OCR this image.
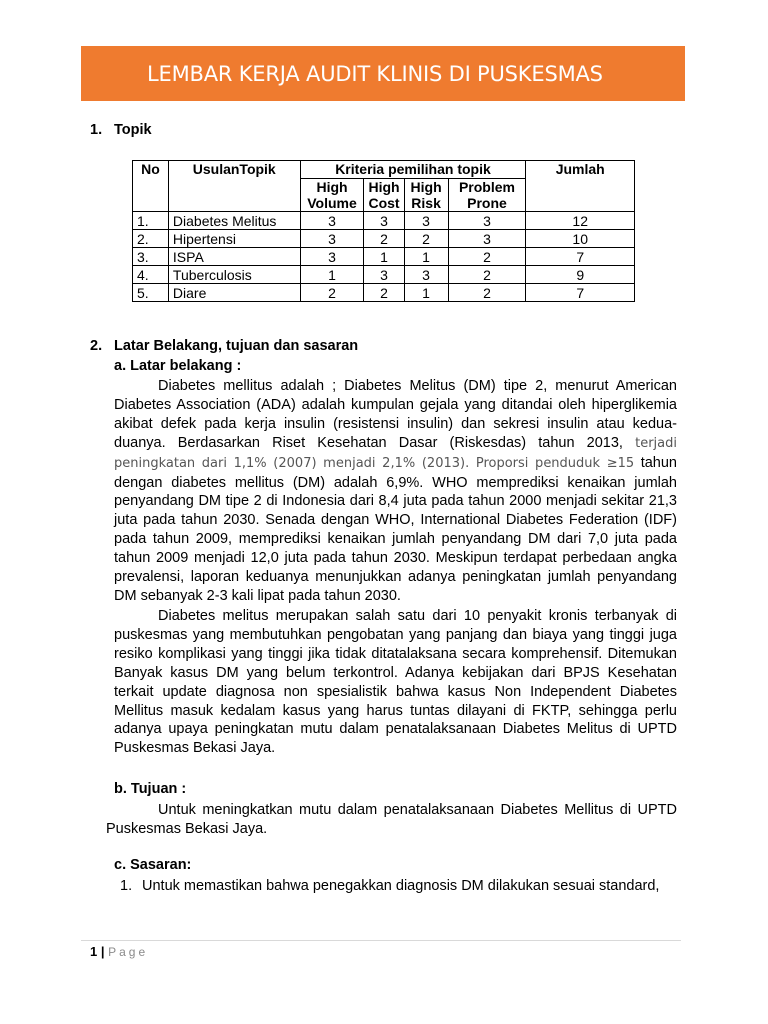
LEMBAR KERJA AUDIT KLINIS DI PUSKESMAS
1. Topik
No	UsulanTopik	Kriteria pemilihan topik				Jumlah
		High Volume	High Cost	High Risk	Problem Prone	
1.	Diabetes Melitus	3	3	3	3	12
2.	Hipertensi	3	2	2	3	10
3.	ISPA	3	1	1	2	7
4.	Tuberculosis	1	3	3	2	9
5.	Diare	2	2	1	2	7
2. Latar Belakang, tujuan dan sasaran
a. Latar belakang :
Diabetes mellitus adalah ; Diabetes Melitus (DM) tipe 2, menurut American Diabetes Association (ADA) adalah kumpulan gejala yang ditandai oleh hiperglikemia akibat defek pada kerja insulin (resistensi insulin) dan sekresi insulin atau kedua-duanya. Berdasarkan Riset Kesehatan Dasar (Riskesdas) tahun 2013, terjadi peningkatan dari 1,1% (2007) menjadi 2,1% (2013). Proporsi penduduk ≥15 tahun dengan diabetes mellitus (DM) adalah 6,9%. WHO memprediksi kenaikan jumlah penyandang DM tipe 2 di Indonesia dari 8,4 juta pada tahun 2000 menjadi sekitar 21,3 juta pada tahun 2030. Senada dengan WHO, International Diabetes Federation (IDF) pada tahun 2009, memprediksi kenaikan jumlah penyandang DM dari 7,0 juta pada tahun 2009 menjadi 12,0 juta pada tahun 2030. Meskipun terdapat perbedaan angka prevalensi, laporan keduanya menunjukkan adanya peningkatan jumlah penyandang DM sebanyak 2-3 kali lipat pada tahun 2030.
Diabetes melitus merupakan salah satu dari 10 penyakit kronis terbanyak di puskesmas yang membutuhkan pengobatan yang panjang dan biaya yang tinggi juga resiko komplikasi yang tinggi jika tidak ditatalaksana secara komprehensif. Ditemukan Banyak kasus DM yang belum terkontrol. Adanya kebijakan dari BPJS Kesehatan terkait update diagnosa non spesialistik bahwa kasus Non Independent Diabetes Mellitus masuk kedalam kasus yang harus tuntas dilayani di FKTP, sehingga perlu adanya upaya peningkatan mutu dalam penatalaksanaan Diabetes Melitus di UPTD Puskesmas Bekasi Jaya.
b. Tujuan :
Untuk meningkatkan mutu dalam penatalaksanaan Diabetes Mellitus di UPTD Puskesmas Bekasi Jaya.
c. Sasaran:
1. Untuk memastikan bahwa penegakkan diagnosis DM dilakukan sesuai standard,
1 | Page
